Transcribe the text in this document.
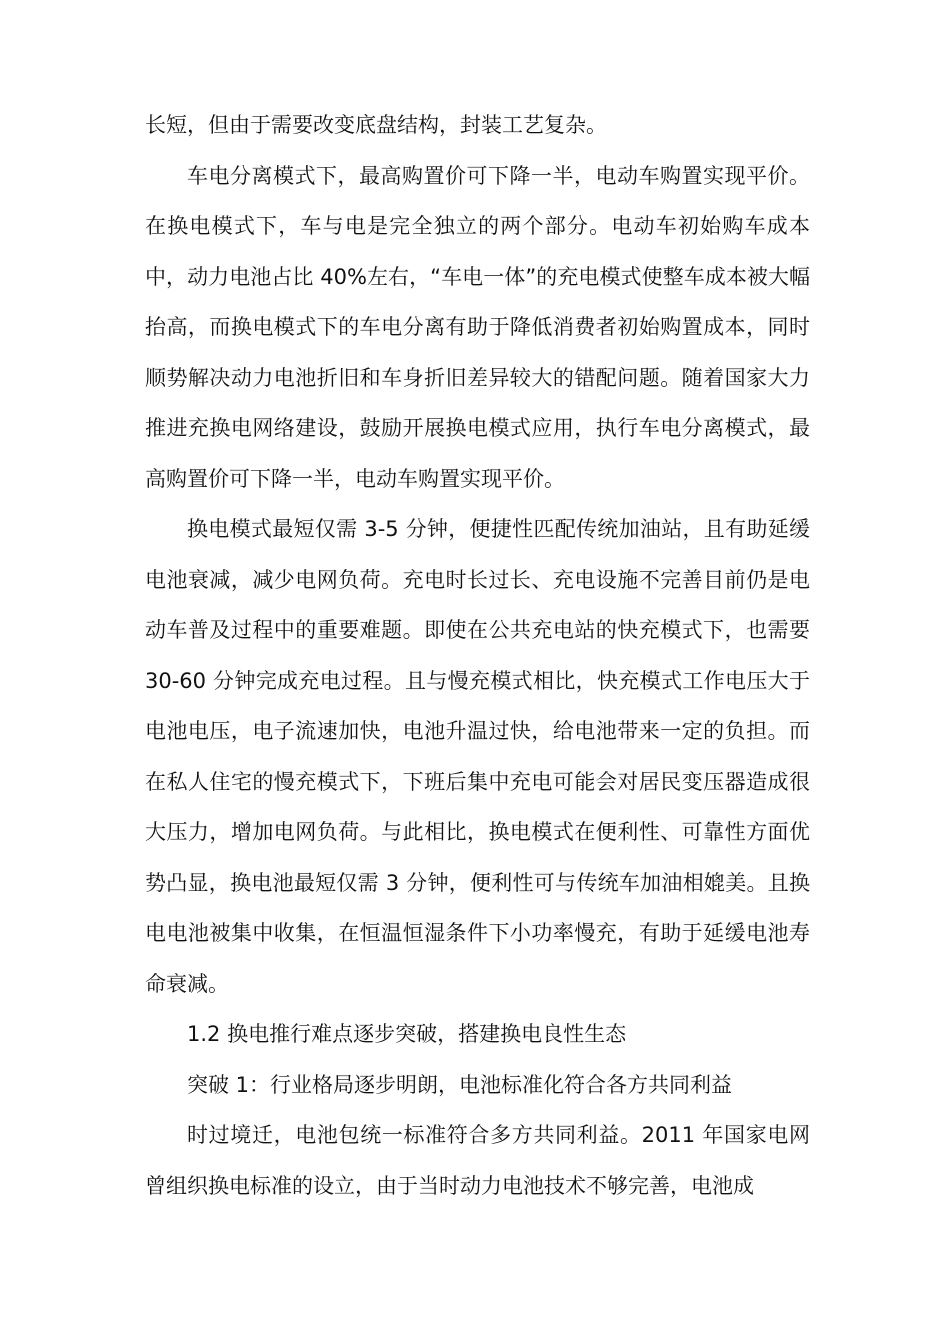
长短，但由于需要改变底盘结构，封装工艺复杂。

车电分离模式下，最高购置价可下降一半，电动车购置实现平价。在换电模式下，车与电是完全独立的两个部分。电动车初始购车成本中，动力电池占比 40%左右，“车电一体”的充电模式使整车成本被大幅抬高，而换电模式下的车电分离有助于降低消费者初始购置成本，同时顺势解决动力电池折旧和车身折旧差异较大的错配问题。随着国家大力推进充换电网络建设，鼓励开展换电模式应用，执行车电分离模式，最高购置价可下降一半，电动车购置实现平价。

换电模式最短仅需 3-5 分钟，便捷性匹配传统加油站，且有助延缓电池衰减，减少电网负荷。充电时长过长、充电设施不完善目前仍是电动车普及过程中的重要难题。即使在公共充电站的快充模式下，也需要 30-60 分钟完成充电过程。且与慢充模式相比，快充模式工作电压大于电池电压，电子流速加快，电池升温过快，给电池带来一定的负担。而在私人住宅的慢充模式下，下班后集中充电可能会对居民变压器造成很大压力，增加电网负荷。与此相比，换电模式在便利性、可靠性方面优势凸显，换电池最短仅需 3 分钟，便利性可与传统车加油相媲美。且换电电池被集中收集，在恒温恒湿条件下小功率慢充，有助于延缓电池寿命衰减。

1.2 换电推行难点逐步突破，搭建换电良性生态

突破 1：行业格局逐步明朗，电池标准化符合各方共同利益

时过境迁，电池包统一标准符合多方共同利益。2011 年国家电网曾组织换电标准的设立，由于当时动力电池技术不够完善，电池成
